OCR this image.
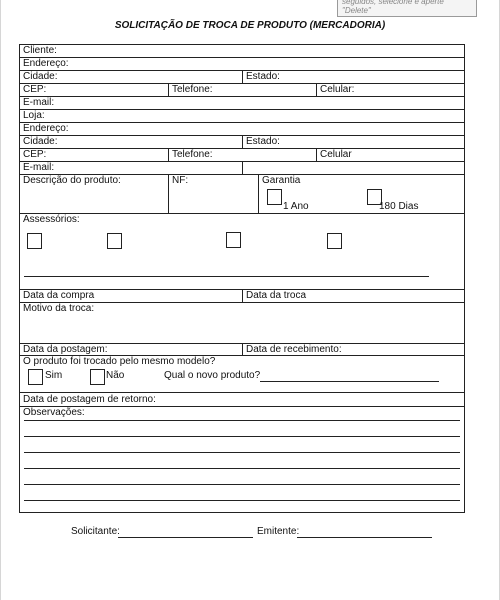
seguidos, selecione e aperte
"Delete"
SOLICITAÇÃO DE TROCA DE PRODUTO (MERCADORIA)
Cliente:
Endereço:
Cidade:	Estado:
CEP:	Telefone:	Celular:
E-mail:
Loja:
Endereço:
Cidade:	Estado:
CEP:	Telefone:	Celular
E-mail:
Descrição do produto:	NF:	Garantia
1 Ano	180 Dias
Assessórios:
Data da compra	Data da troca
Motivo da troca:
Data da postagem:	Data de recebimento:
O produto foi trocado pelo mesmo modelo?
Sim	Não	Qual o novo produto?
Data de postagem de retorno:
Observações:
Solicitante:	Emitente:
